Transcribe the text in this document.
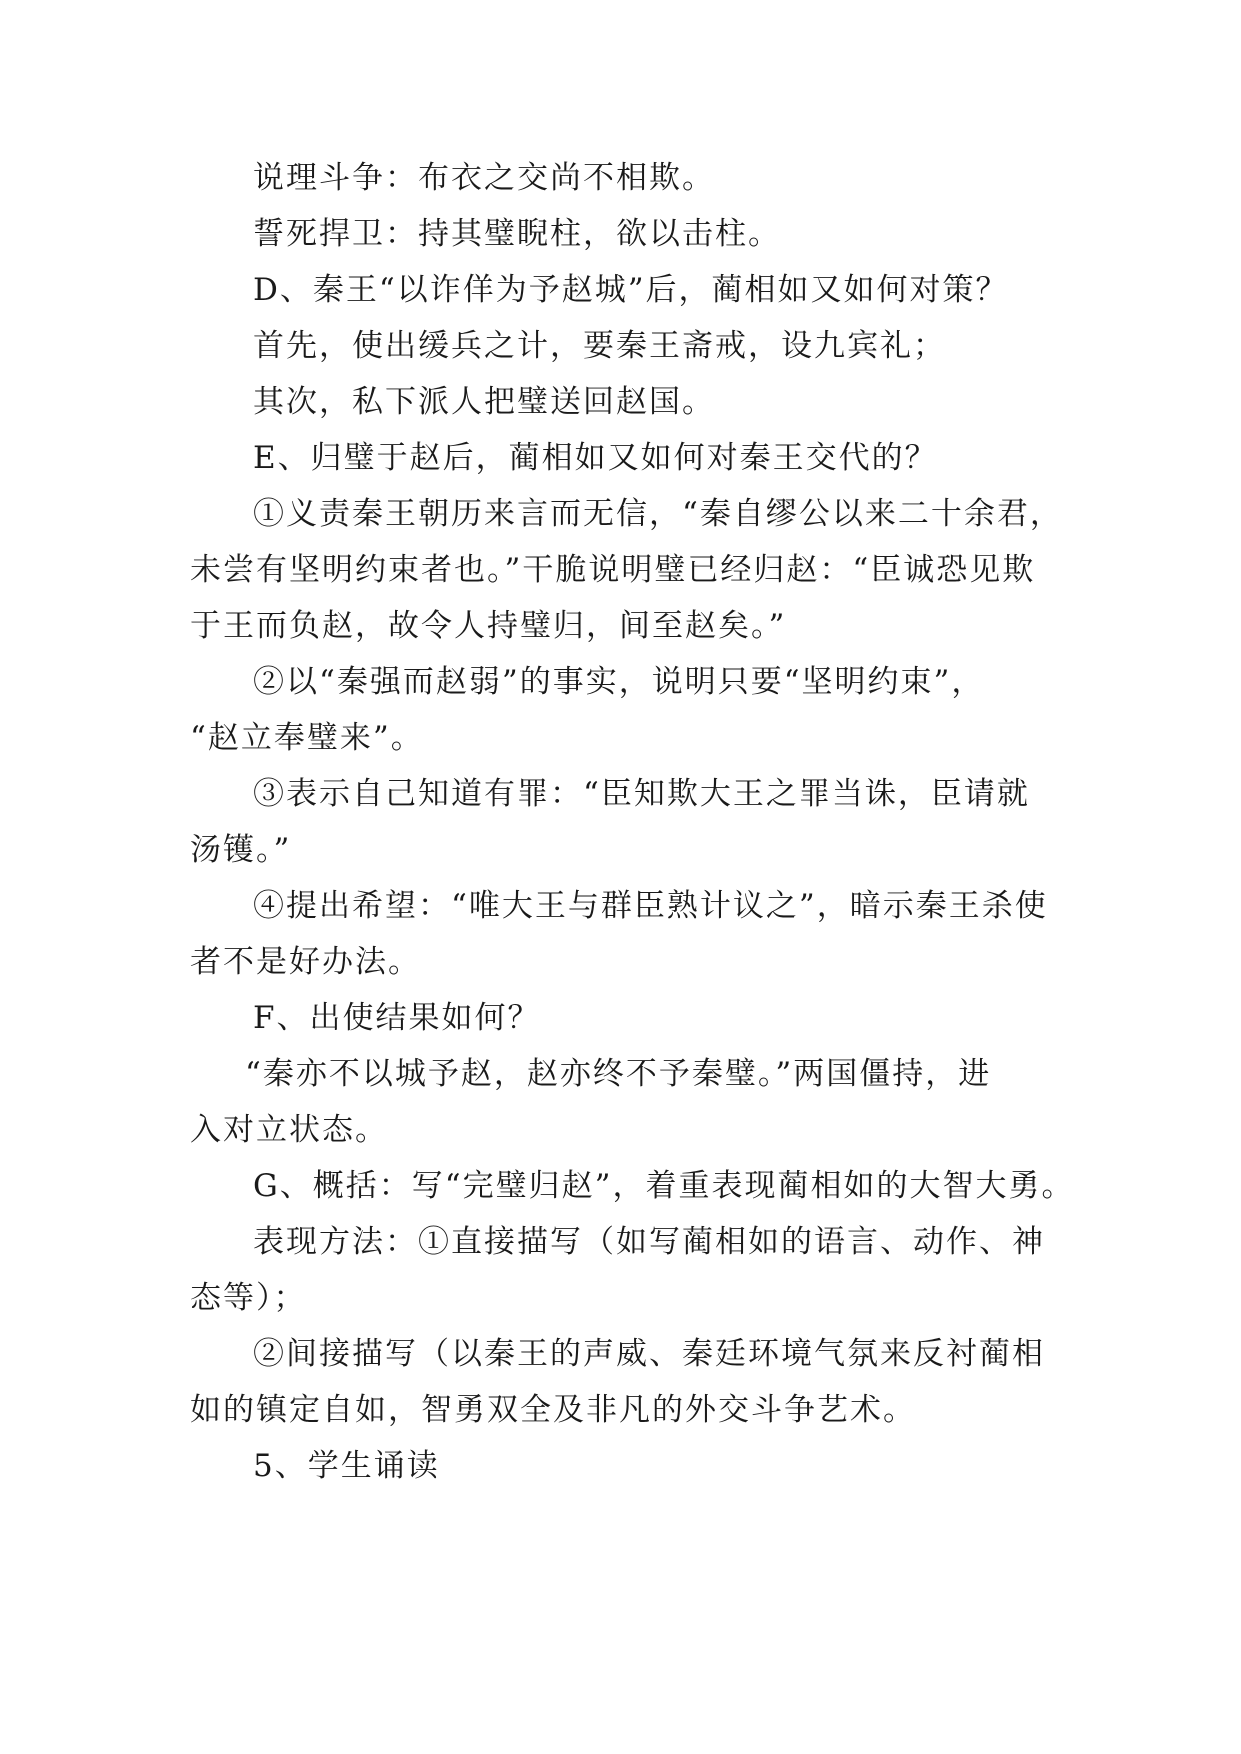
说理斗争：布衣之交尚不相欺。
誓死捍卫：持其璧睨柱，欲以击柱。
D、秦王“以诈佯为予赵城”后，蔺相如又如何对策？
首先，使出缓兵之计，要秦王斋戒，设九宾礼；
其次，私下派人把璧送回赵国。
E、归璧于赵后，蔺相如又如何对秦王交代的？
①义责秦王朝历来言而无信，“秦自缪公以来二十余君，
未尝有坚明约束者也。”干脆说明璧已经归赵：“臣诚恐见欺
于王而负赵，故令人持璧归，间至赵矣。”
②以“秦强而赵弱”的事实，说明只要“坚明约束”，
“赵立奉璧来”。
③表示自己知道有罪：“臣知欺大王之罪当诛，臣请就
汤镬。”
④提出希望：“唯大王与群臣熟计议之”，暗示秦王杀使
者不是好办法。
F、出使结果如何？
“秦亦不以城予赵，赵亦终不予秦璧。”两国僵持，进
入对立状态。
G、概括：写“完璧归赵”，着重表现蔺相如的大智大勇。
表现方法：①直接描写（如写蔺相如的语言、动作、神
态等）；
②间接描写（以秦王的声威、秦廷环境气氛来反衬蔺相
如的镇定自如，智勇双全及非凡的外交斗争艺术。
5、学生诵读
